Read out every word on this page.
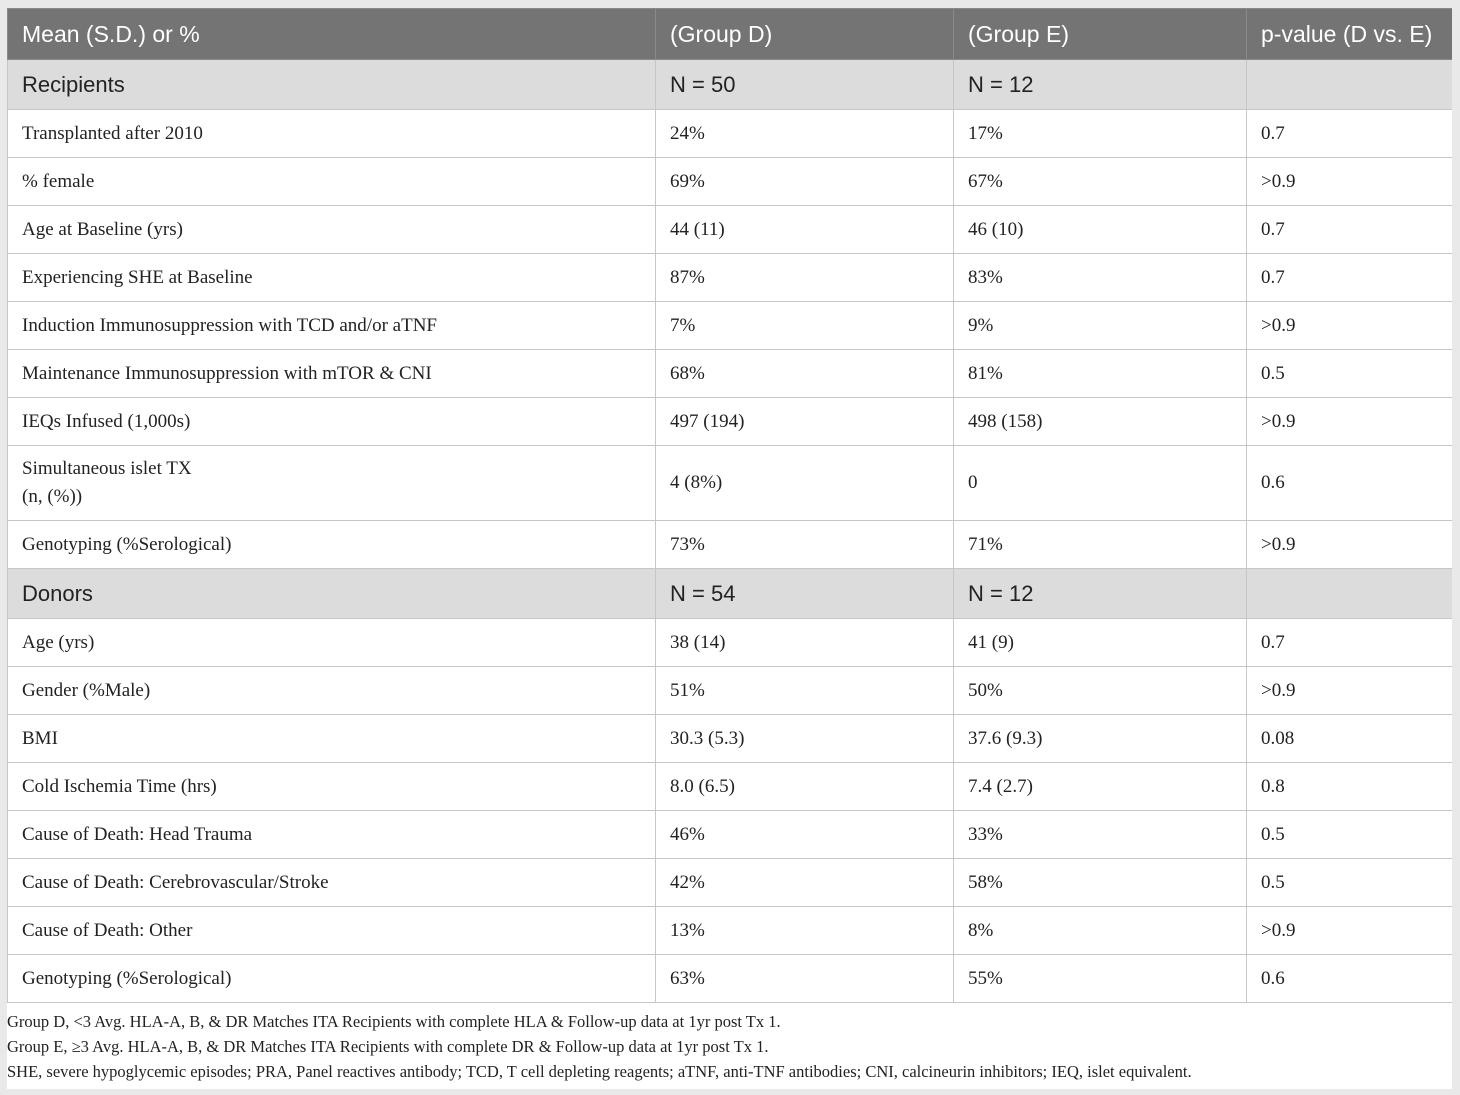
Mean (S.D.) or %	(Group D)	(Group E)	p-value (D vs. E)
Recipients	N = 50	N = 12	
Transplanted after 2010	24%	17%	0.7
% female	69%	67%	>0.9
Age at Baseline (yrs)	44 (11)	46 (10)	0.7
Experiencing SHE at Baseline	87%	83%	0.7
Induction Immunosuppression with TCD and/or aTNF	7%	9%	>0.9
Maintenance Immunosuppression with mTOR & CNI	68%	81%	0.5
IEQs Infused (1,000s)	497 (194)	498 (158)	>0.9

Simultaneous islet TX
(n, (%))	4 (8%)	0	0.6
Genotyping (%Serological)	73%	71%	>0.9
Donors	N = 54	N = 12	
Age (yrs)	38 (14)	41 (9)	0.7
Gender (%Male)	51%	50%	>0.9
BMI	30.3 (5.3)	37.6 (9.3)	0.08
Cold Ischemia Time (hrs)	8.0 (6.5)	7.4 (2.7)	0.8
Cause of Death: Head Trauma	46%	33%	0.5
Cause of Death: Cerebrovascular/Stroke	42%	58%	0.5
Cause of Death: Other	13%	8%	>0.9
Genotyping (%Serological)	63%	55%	0.6
Group D, <3 Avg. HLA-A, B, & DR Matches ITA Recipients with complete HLA & Follow-up data at 1yr post Tx 1.
Group E, ≥3 Avg. HLA-A, B, & DR Matches ITA Recipients with complete DR & Follow-up data at 1yr post Tx 1.
SHE, severe hypoglycemic episodes; PRA, Panel reactives antibody; TCD, T cell depleting reagents; aTNF, anti-TNF antibodies; CNI, calcineurin inhibitors; IEQ, islet equivalent.
